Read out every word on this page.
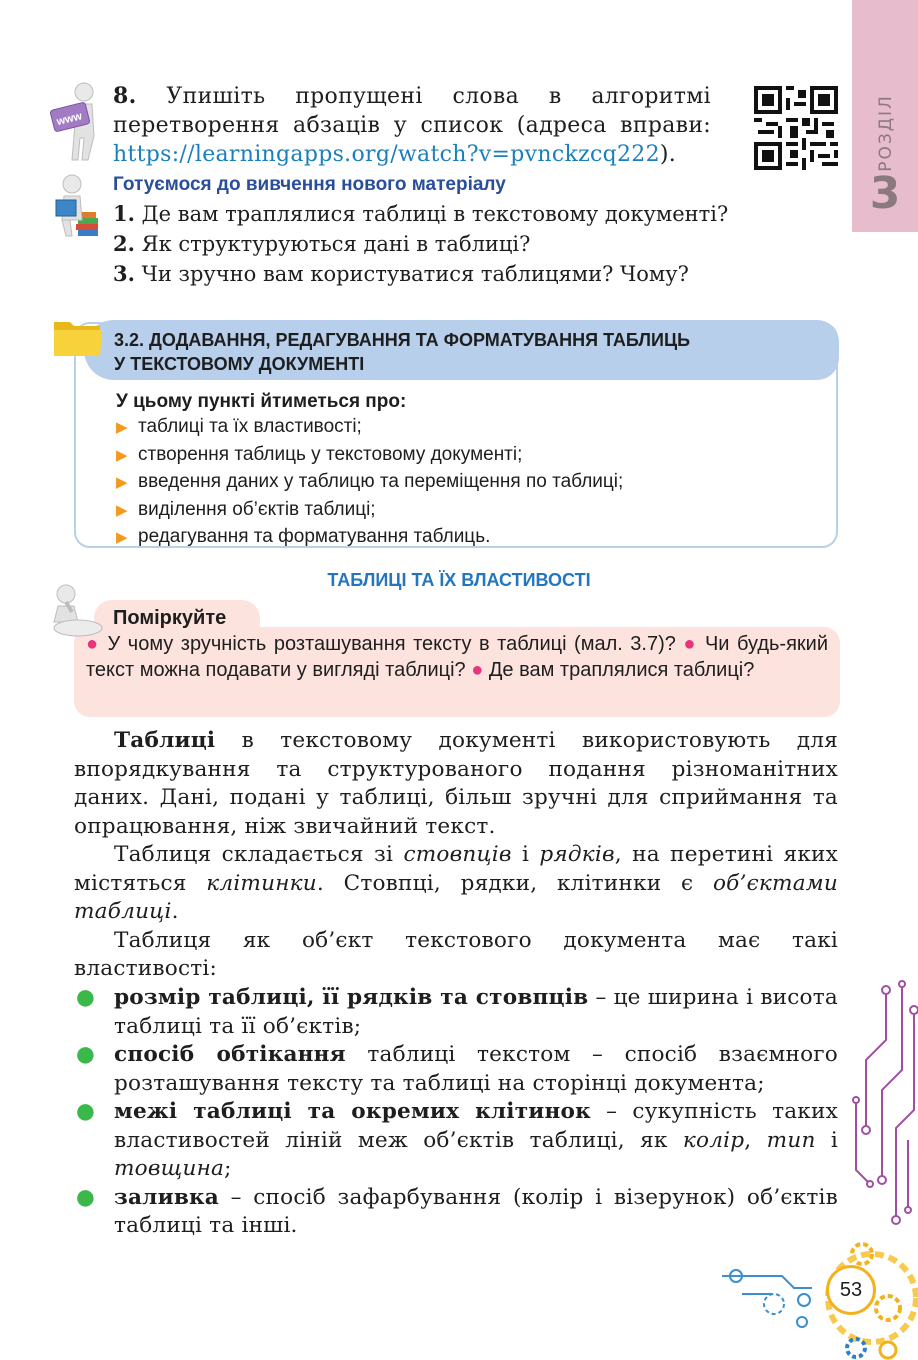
РОЗДІЛ
3
www
8. Упишіть пропущені слова в алгоритмі перетворення абзаців у список (адреса вправи: https://learningapps.org/watch?v=pvnckzcq222).
Готуємося до вивчення нового матеріалу
1. Де вам траплялися таблиці в текстовому документі?
2. Як структуруються дані в таблиці?
3. Чи зручно вам користуватися таблицями? Чому?
3.2. ДОДАВАННЯ, РЕДАГУВАННЯ ТА ФОРМАТУВАННЯ ТАБЛИЦЬ
У ТЕКСТОВОМУ ДОКУМЕНТІ
У цьому пункті йтиметься про:
▶ таблиці та їх властивості;
▶ створення таблиць у текстовому документі;
▶ введення даних у таблицю та переміщення по таблиці;
▶ виділення об’єктів таблиці;
▶ редагування та форматування таблиць.
ТАБЛИЦІ ТА ЇХ ВЛАСТИВОСТІ
Поміркуйте
● У чому зручність розташування тексту в таблиці (мал. 3.7)? ● Чи будь-який текст можна подавати у вигляді таблиці? ● Де вам траплялися таблиці?

Таблиці в текстовому документі використовують для впорядкування та структурованого подання різноманітних даних. Дані, подані у таблиці, більш зручні для сприймання та опрацювання, ніж звичайний текст.

Таблиця складається зі стовпців і рядків, на перетині яких містяться клітинки. Стовпці, рядки, клітинки є об’єктами таблиці.

Таблиця як об’єкт текстового документа має такі властивості:

● розмір таблиці, її рядків та стовпців – це ширина і висота таблиці та її об’єктів;
● спосіб обтікання таблиці текстом – спосіб взаємного розташування тексту та таблиці на сторінці документа;
● межі таблиці та окремих клітинок – сукупність таких властивостей ліній меж об’єктів таблиці, як колір, тип і товщина;
● заливка – спосіб зафарбування (колір і візерунок) об’єктів таблиці та інші.
53
